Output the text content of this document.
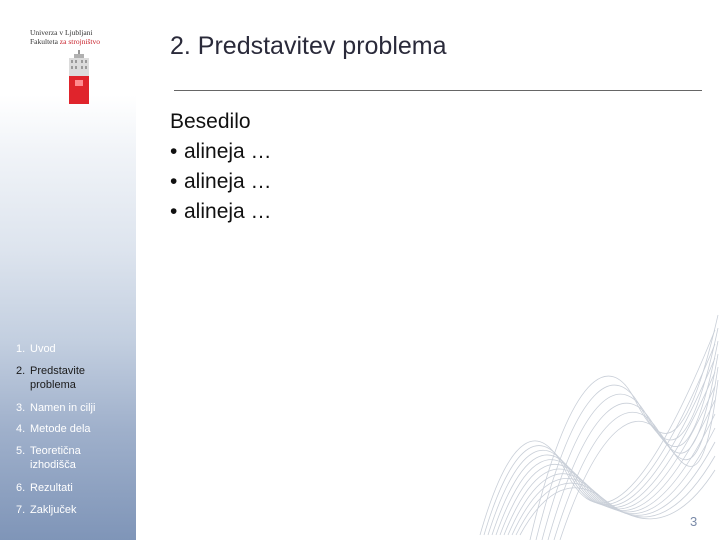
Univerza v Ljubljani
Fakulteta za strojništvo	2. Predstavitev problema
Besedilo
• alineja …
• alineja …
• alineja …
1. Uvod
2. Predstavite
problema
3. Namen in cilji
4. Metode dela
5. Teoretična
izhodišča
6. Rezultati
7. Zaključek
3
